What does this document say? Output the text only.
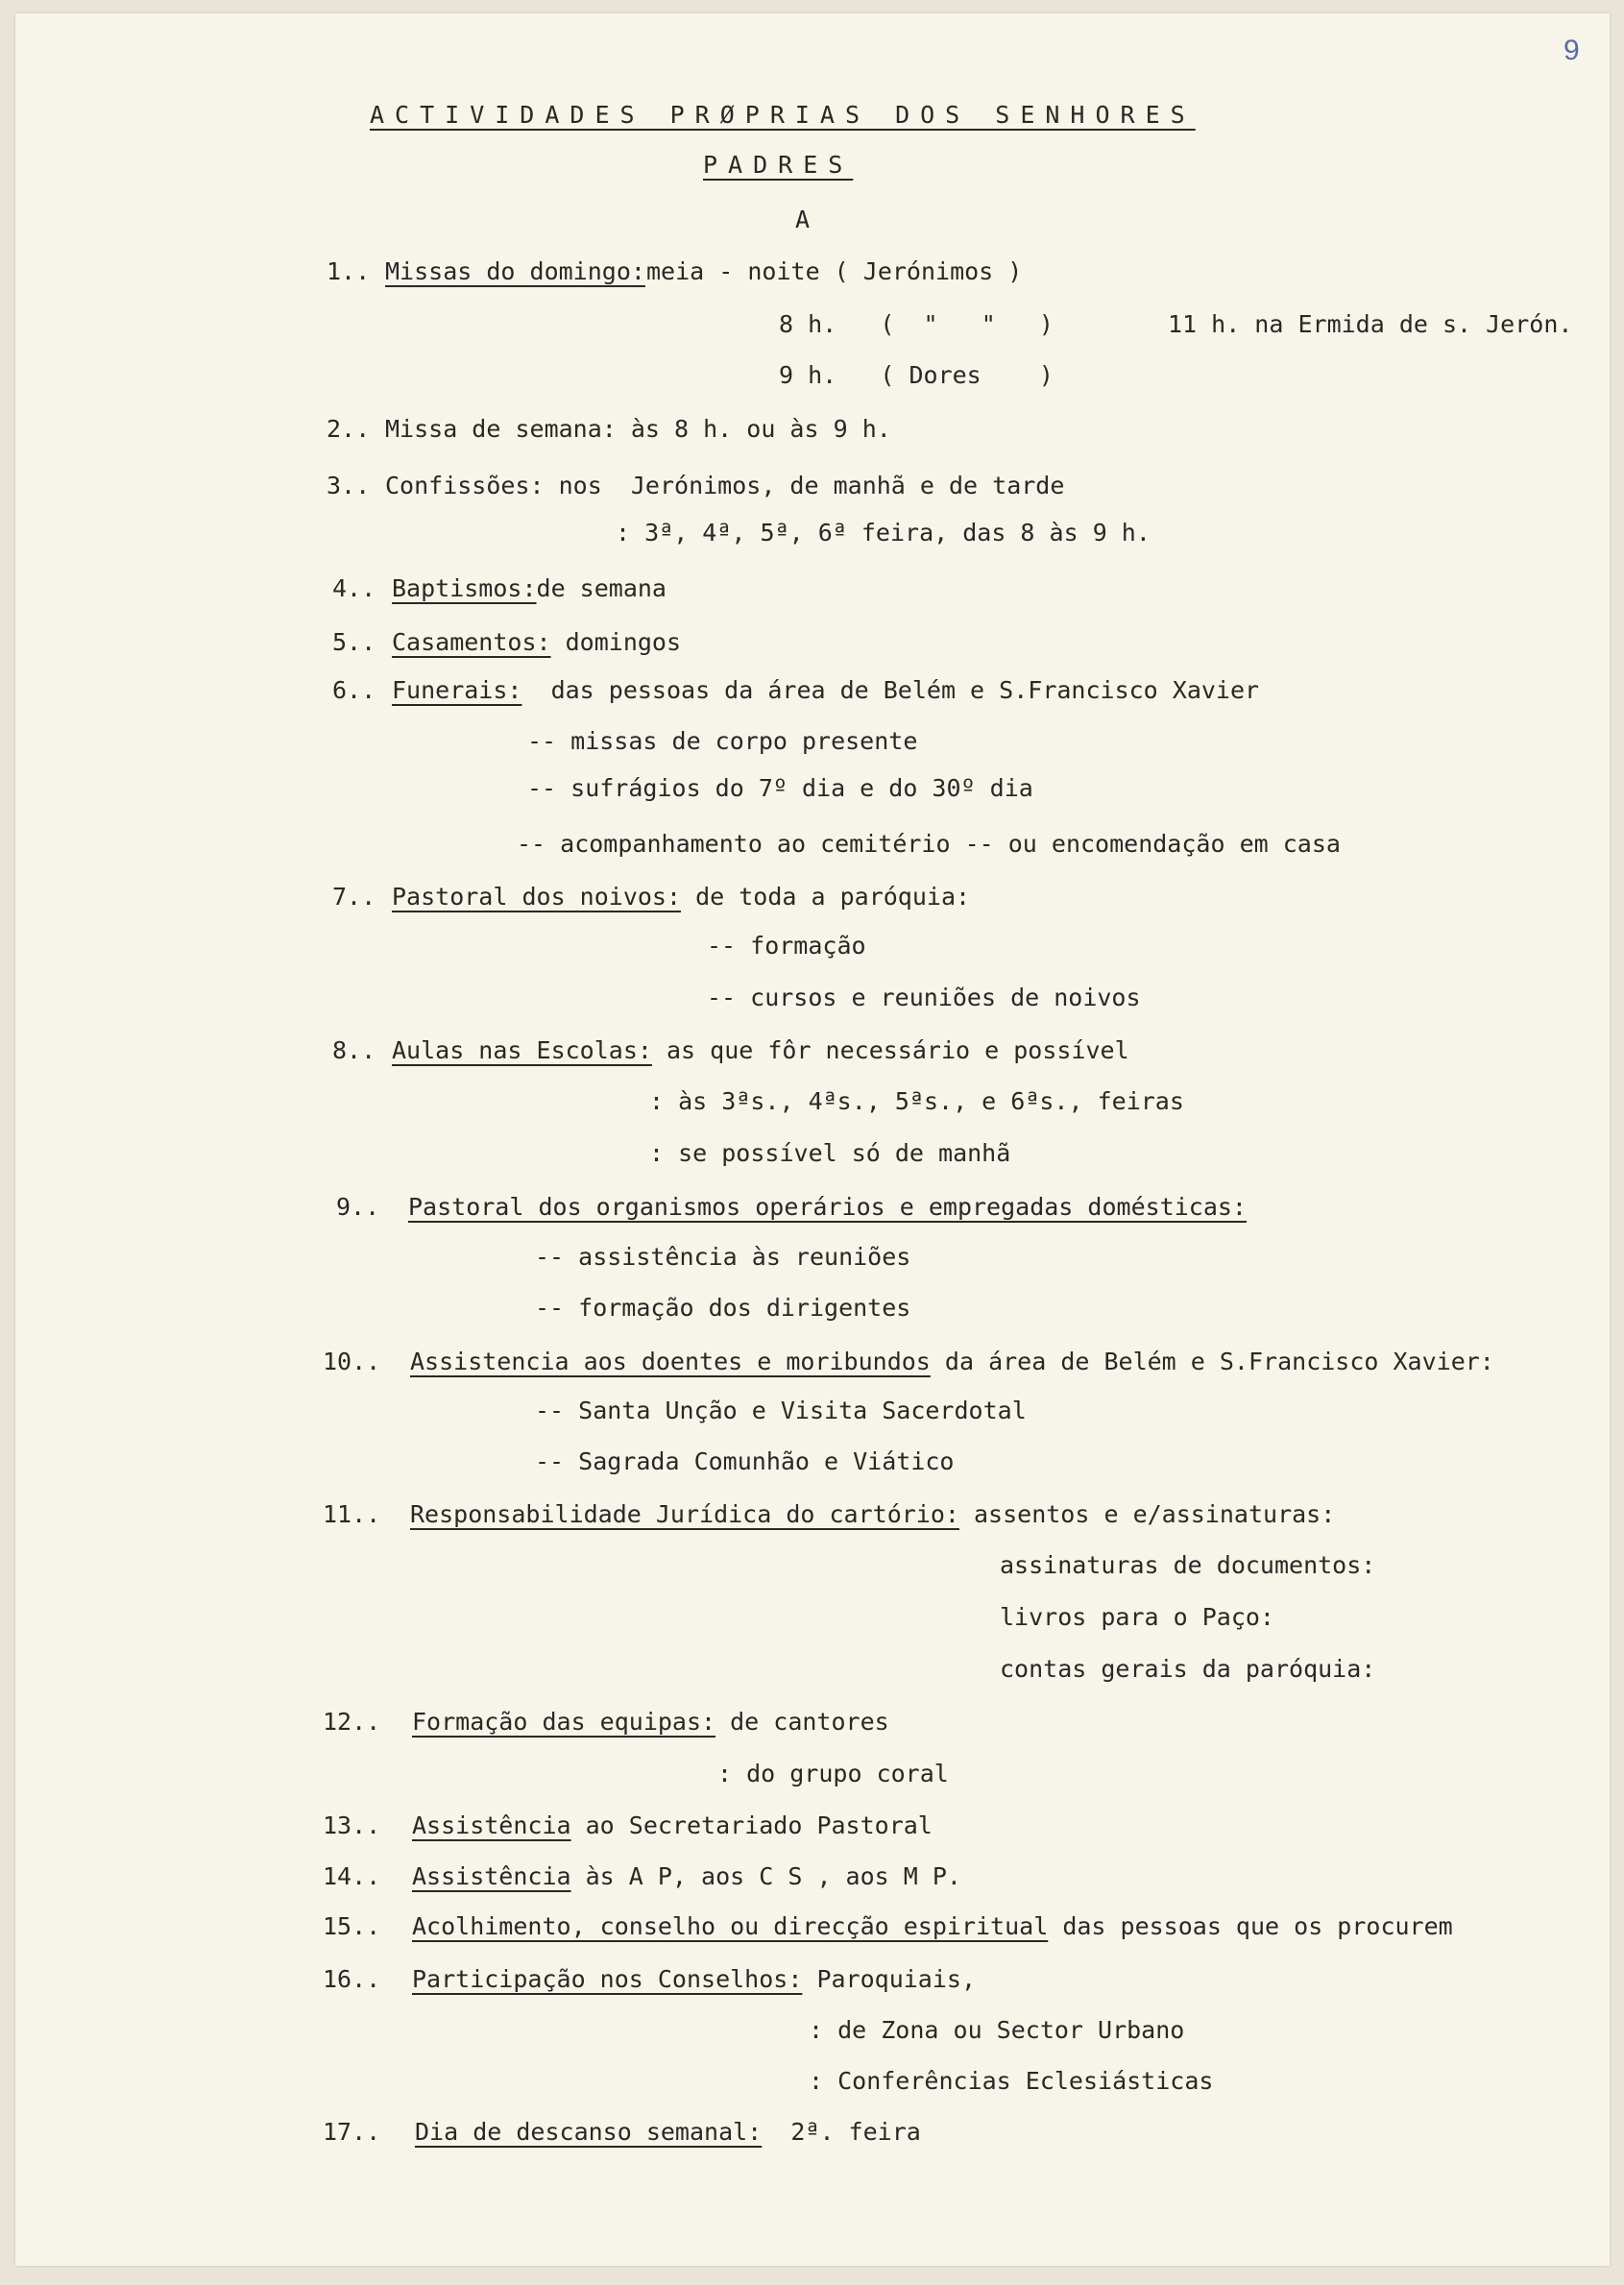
9
ACTIVIDADES PRØPRIAS DOS SENHORES
PADRES
A
1.. Missas do domingo: meia - noite ( Jerónimos )
8 h.   (  "   "   )	11 h. na Ermida de s. Jerón.
9 h.   ( Dores    )
2.. Missa de semana: às 8 h. ou às 9 h.
3.. Confissões: nos  Jerónimos, de manhã e de tarde
: 3ª, 4ª, 5ª, 6ª feira, das 8 às 9 h.
4.. Baptismos:de semana
5.. Casamentos: domingos
6.. Funerais:  das pessoas da área de Belém e S.Francisco Xavier
-- missas de corpo presente
-- sufrágios do 7º dia e do 30º dia
-- acompanhamento ao cemitério -- ou encomendação em casa
7.. Pastoral dos noivos: de toda a paróquia:
-- formação
-- cursos e reuniões de noivos
8.. Aulas nas Escolas: as que fôr necessário e possível
: às 3ªs., 4ªs., 5ªs., e 6ªs., feiras
: se possível só de manhã
9.. Pastoral dos organismos operários e empregadas domésticas:
-- assistência às reuniões
-- formação dos dirigentes
10.. Assistencia aos doentes e moribundos da área de Belém e S.Francisco Xavier:
-- Santa Unção e Visita Sacerdotal
-- Sagrada Comunhão e Viático
11.. Responsabilidade Jurídica do cartório: assentos e e/assinaturas:
assinaturas de documentos:
livros para o Paço:
contas gerais da paróquia:
12.. Formação das equipas: de cantores
: do grupo coral
13.. Assistência ao Secretariado Pastoral
14.. Assistência às A P, aos C S , aos M P.
15.. Acolhimento, conselho ou direcção espiritual das pessoas que os procurem
16.. Participação nos Conselhos: Paroquiais,
: de Zona ou Sector Urbano
: Conferências Eclesiásticas
17.. Dia de descanso semanal:  2ª. feira
